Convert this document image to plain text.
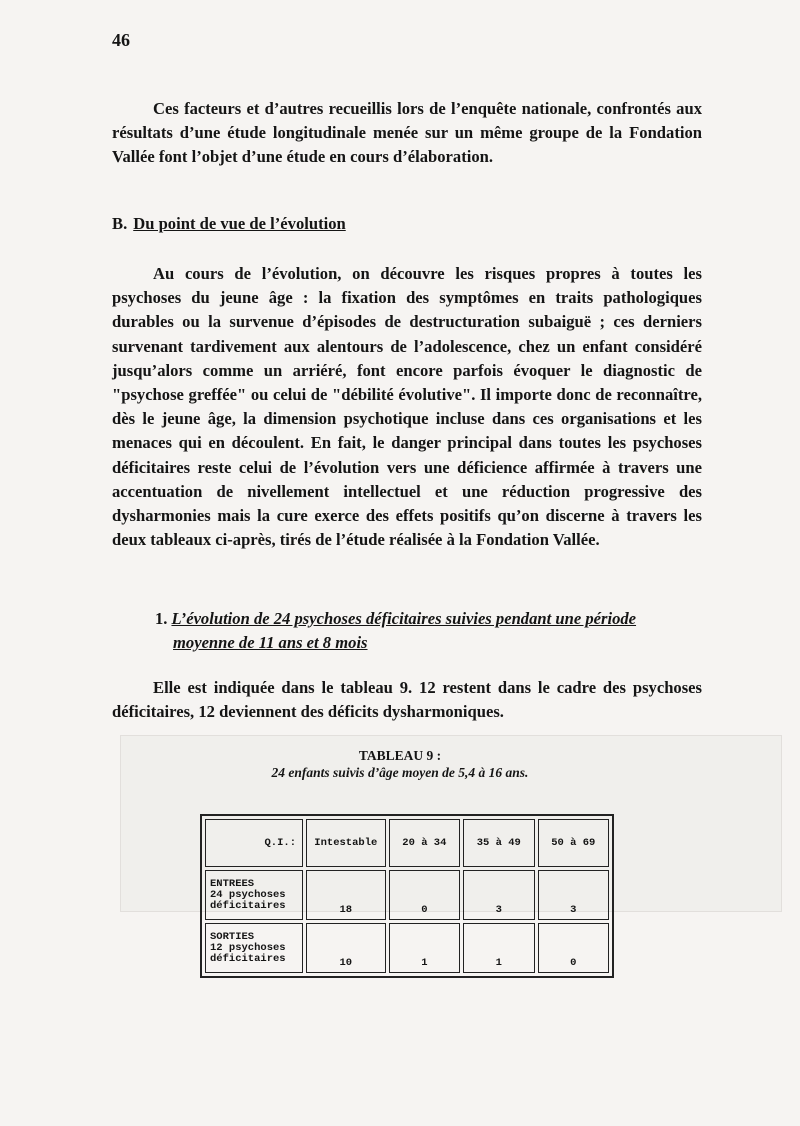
46

Ces facteurs et d’autres recueillis lors de l’enquête nationale, confrontés aux résultats d’une étude longitudinale menée sur un même groupe de la Fondation Vallée font l’objet d’une étude en cours d’élaboration.

B. Du point de vue de l’évolution

Au cours de l’évolution, on découvre les risques propres à toutes les psychoses du jeune âge : la fixation des symptômes en traits pathologiques durables ou la survenue d’épisodes de destructuration subaiguë ; ces derniers survenant tardivement aux alentours de l’adolescence, chez un enfant considéré jusqu’alors comme un arriéré, font encore parfois évoquer le diagnostic de "psychose greffée" ou celui de "débilité évolutive". Il importe donc de reconnaître, dès le jeune âge, la dimension psychotique incluse dans ces organisations et les menaces qui en découlent. En fait, le danger principal dans toutes les psychoses déficitaires reste celui de l’évolution vers une déficience affirmée à travers une accentuation de nivellement intellectuel et une réduction progressive des dysharmonies mais la cure exerce des effets positifs qu’on discerne à travers les deux tableaux ci-après, tirés de l’étude réalisée à la Fondation Vallée.

1. L’évolution de 24 psychoses déficitaires suivies pendant une période
moyenne de 11 ans et 8 mois

Elle est indiquée dans le tableau 9. 12 restent dans le cadre des psychoses déficitaires, 12 deviennent des déficits dysharmoniques.

TABLEAU 9 :

24 enfants suivis d’âge moyen de 5,4 à 16 ans.

Q.I.:	Intestable	20 à 34	35 à 49	50 à 69

ENTREES
24 psychoses
déficitaires	18	0	3	3

SORTIES
12 psychoses
déficitaires	10	1	1	0
